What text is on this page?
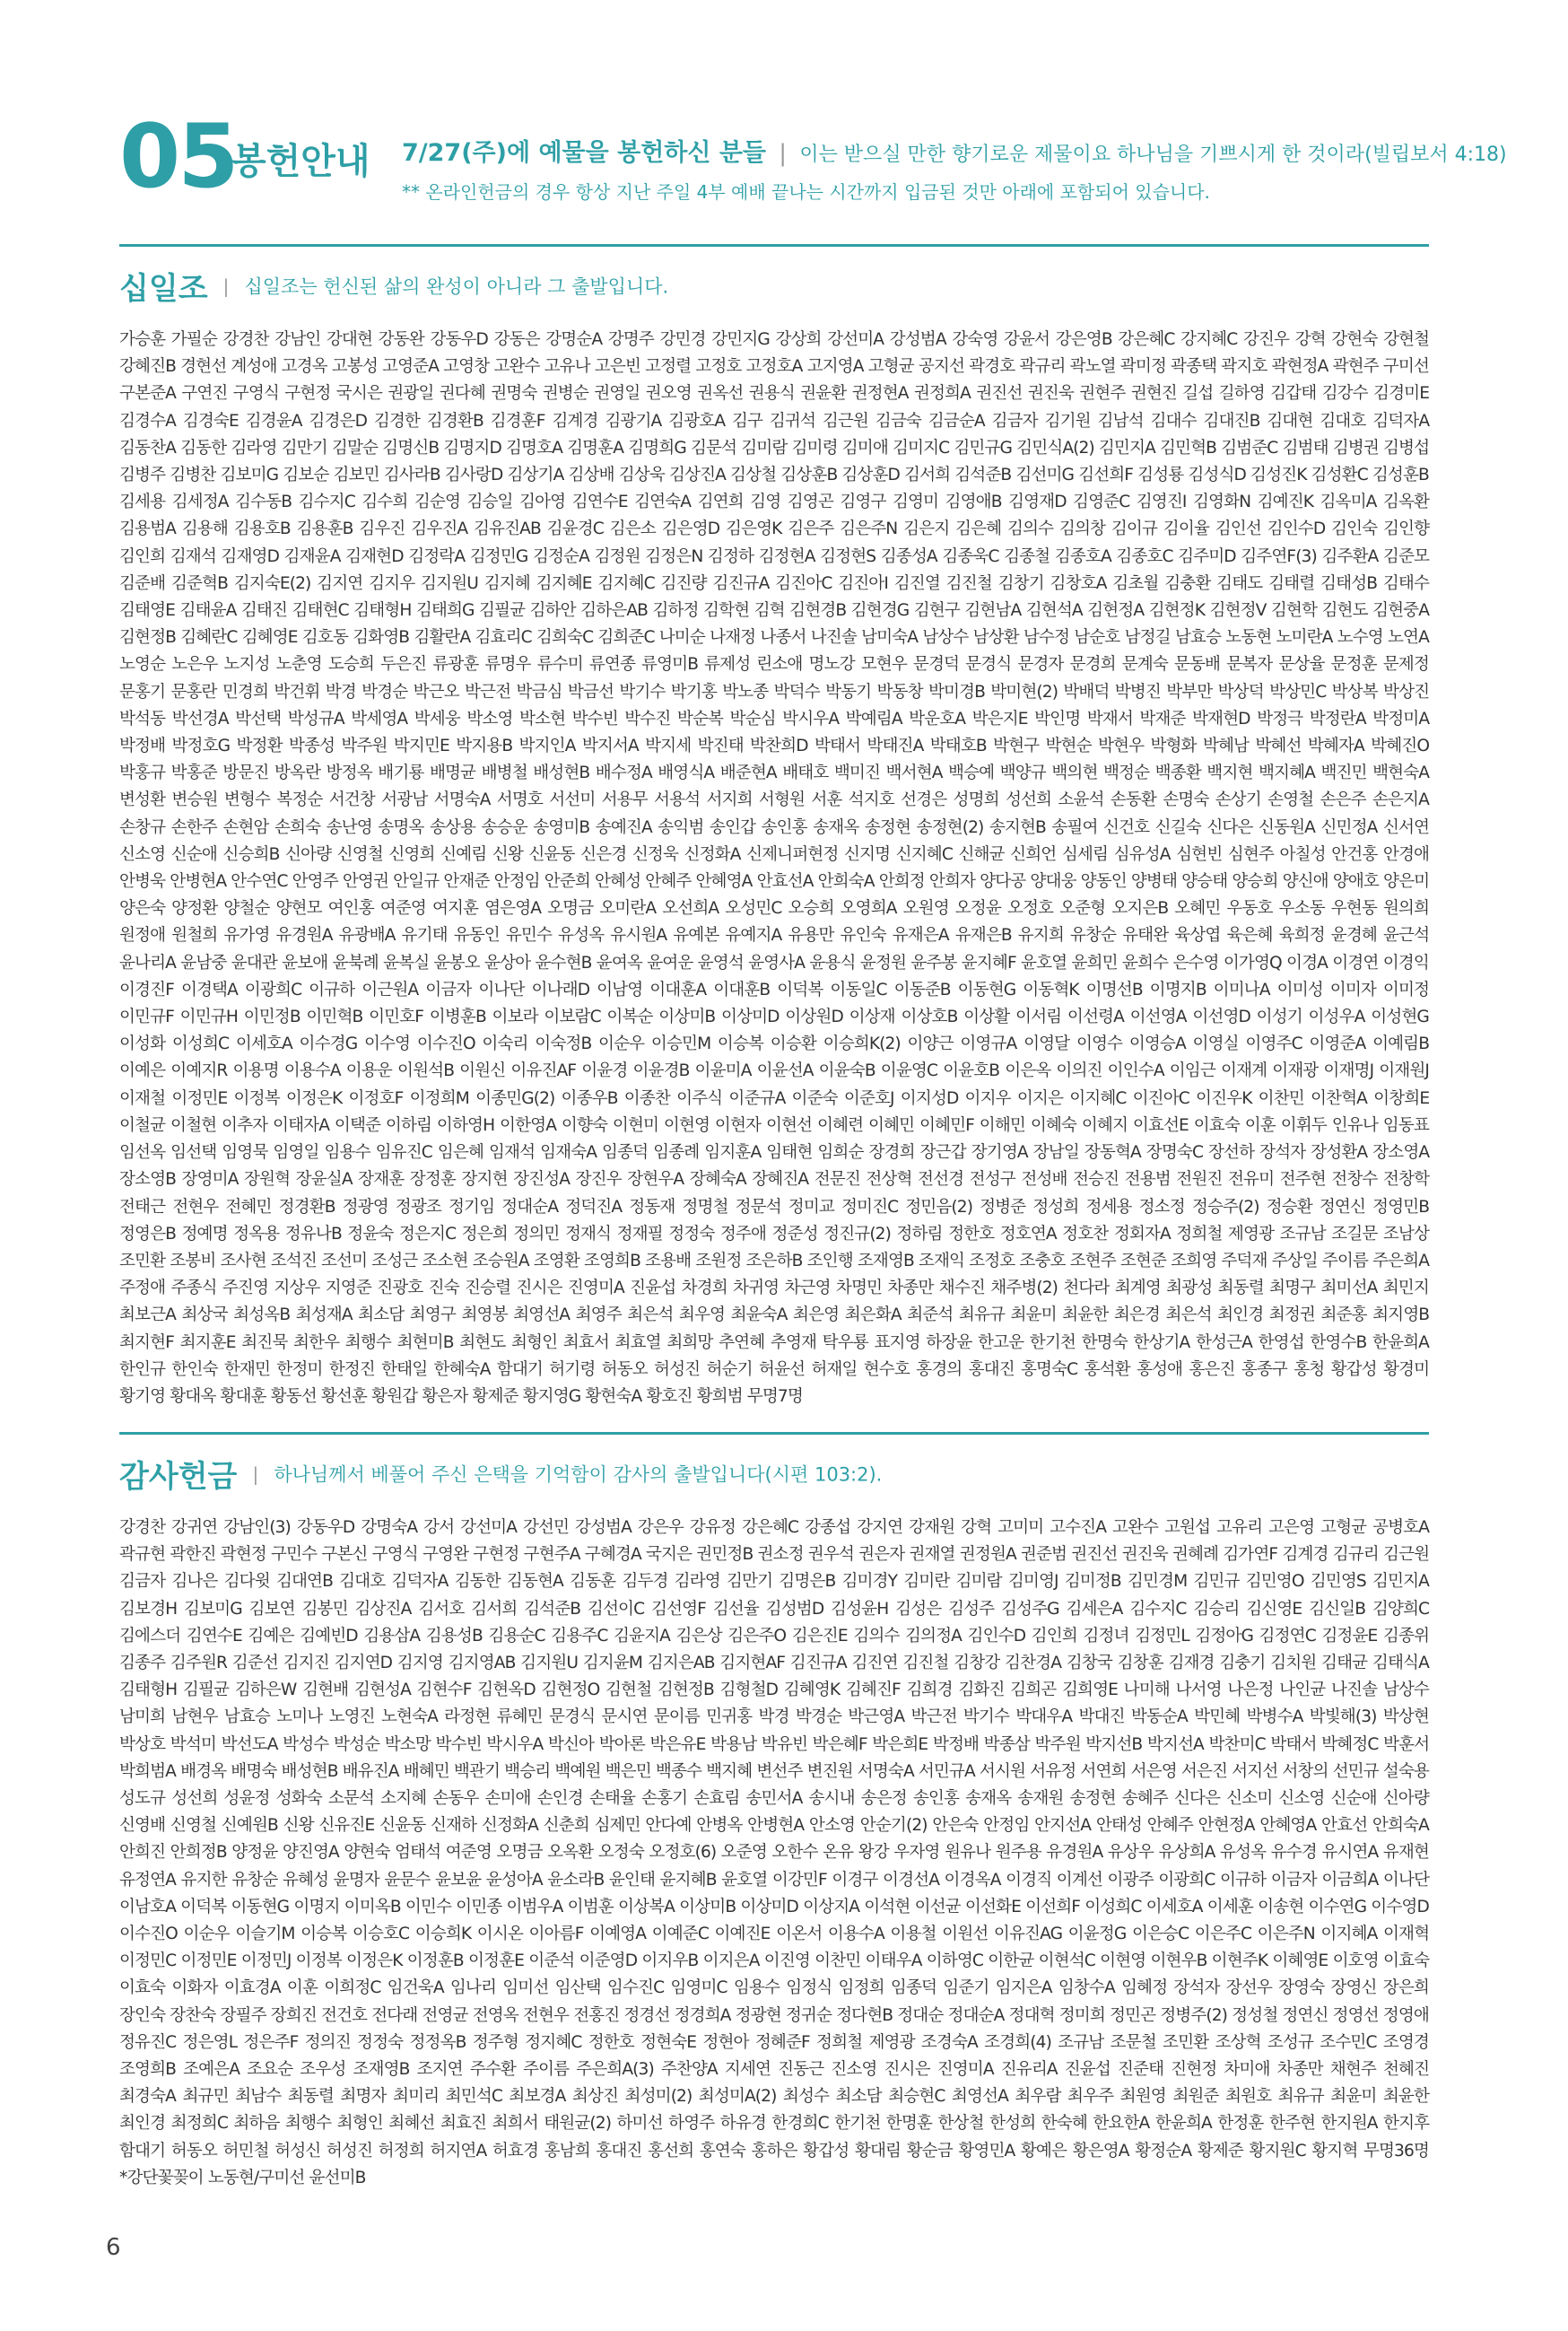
05
봉헌안내 7/27(주)에 예물을 봉헌하신 분들 | 이는 받으실 만한 향기로운 제물이요 하나님을 기쁘시게 한 것이라(빌립보서 4:18)
** 온라인헌금의 경우 항상 지난 주일 4부 예배 끝나는 시간까지 입금된 것만 아래에 포함되어 있습니다.
십일조 | 십일조는 헌신된 삶의 완성이 아니라 그 출발입니다.
가승훈 가필순 강경찬 강남인 강대현 강동완 강동우D 강동은 강명순A 강명주 강민경 강민지G 강상희 강선미A 강성범A 강숙영 강윤서 강은영B 강은혜C 강지혜C 강진우 강혁 강현숙 강현철 강혜진B 경현선 계성애 고경옥 고봉성 고영준A 고영창 고완수 고유나 고은빈 고정렬 고정호 고정호A 고지영A 고형균 공지선 곽경호 곽규리 곽노열 곽미정 곽종택 곽지호 곽현정A 곽현주 구미선 구본준A 구연진 구영식 구현정 국시은 권광일 권다혜 권명숙 권병순 권영일 권오영 권옥선 권용식 권윤환 권정현A 권정희A 권진선 권진욱 권현주 권현진 길섭 길하영 김갑태 김강수 김경미E 김경수A 김경숙E 김경윤A 김경은D 김경한 김경환B 김경훈F 김계경 김광기A 김광호A 김구 김귀석 김근원 김금숙 김금순A 김금자 김기원 김남석 김대수 김대진B 김대현 김대호 김덕자A 김동찬A 김동한 김라영 김만기 김말순 김명신B 김명지D 김명호A 김명훈A 김명희G 김문석 김미람 김미령 김미애 김미지C 김민규G 김민식A(2) 김민지A 김민혁B 김범준C 김범태 김병권 김병섭 김병주 김병찬 김보미G 김보순 김보민 김사라B 김사랑D 김상기A 김상배 김상욱 김상진A 김상철 김상훈B 김상훈D 김서희 김석준B 김선미G 김선희F 김성룡 김성식D 김성진K 김성환C 김성훈B 김세용 김세정A 김수동B 김수지C 김수희 김순영 김승일 김아영 김연수E 김연숙A 김연희 김영 김영곤 김영구 김영미 김영애B 김영재D 김영준C 김영진I 김영화N 김예진K 김옥미A 김옥환 김용범A 김용해 김용호B 김용훈B 김우진 김우진A 김유진AB 김윤경C 김은소 김은영D 김은영K 김은주 김은주N 김은지 김은혜 김의수 김의창 김이규 김이율 김인선 김인수D 김인숙 김인향 김인희 김재석 김재영D 김재윤A 김재현D 김정락A 김정민G 김정순A 김정원 김정은N 김정하 김정현A 김정현S 김종성A 김종욱C 김종철 김종호A 김종호C 김주미D 김주연F(3) 김주환A 김준모 김준배 김준혁B 김지숙E(2) 김지연 김지우 김지원U 김지혜 김지혜E 김지혜C 김진량 김진규A 김진아C 김진아I 김진열 김진철 김창기 김창호A 김초월 김충환 김태도 김태렬 김태성B 김태수 김태영E 김태윤A 김태진 김태현C 김태형H 김태희G 김필균 김하안 김하은AB 김하정 김학현 김혁 김현경B 김현경G 김현구 김현남A 김현석A 김현정A 김현정K 김현정V 김현학 김현도 김현중A 김현정B 김혜란C 김혜영E 김호동 김화영B 김활란A 김효리C 김희숙C 김희준C 나미순 나재정 나종서 나진솔 남미숙A 남상수 남상환 남수정 남순호 남정길 남효승 노동현 노미란A 노수영 노연A 노영순 노은우 노지성 노춘영 도승희 두은진 류광훈 류명우 류수미 류연종 류영미B 류제성 린소애 명노강 모현우 문경덕 문경식 문경자 문경희 문계숙 문동배 문복자 문상율 문정훈 문제정 문홍기 문홍란 민경희 박건휘 박경 박경순 박근오 박근전 박금심 박금선 박기수 박기홍 박노종 박덕수 박동기 박동창 박미경B 박미현(2) 박배덕 박병진 박부만 박상덕 박상민C 박상복 박상진 박석동 박선경A 박선택 박성규A 박세영A 박세웅 박소영 박소현 박수빈 박수진 박순복 박순심 박시우A 박예림A 박운호A 박은지E 박인명 박재서 박재준 박재현D 박정극 박정란A 박정미A 박정배 박정호G 박정환 박종성 박주원 박지민E 박지용B 박지인A 박지서A 박지세 박진태 박찬희D 박태서 박태진A 박태호B 박현구 박현순 박현우 박형화 박혜남 박혜선 박혜자A 박혜진O 박홍규 박홍준 방문진 방옥란 방정옥 배기룡 배명균 배병철 배성현B 배수정A 배영식A 배준현A 배태호 백미진 백서현A 백승예 백양규 백의현 백정순 백종환 백지현 백지혜A 백진민 백현숙A 변성환 변승원 변형수 복정순 서건창 서광남 서명숙A 서명호 서선미 서용무 서용석 서지희 서형원 서훈 석지호 선경은 성명희 성선희 소윤석 손동환 손명숙 손상기 손영철 손은주 손은지A 손창규 손한주 손현암 손희숙 송난영 송명옥 송상용 송승운 송영미B 송예진A 송익범 송인갑 송인홍 송재옥 송정현 송정현(2) 송지현B 송필여 신건호 신길숙 신다은 신동원A 신민정A 신서연 신소영 신순애 신승희B 신아량 신영철 신영희 신예림 신왕 신윤동 신은경 신정욱 신정화A 신제니퍼현정 신지명 신지혜C 신해균 신희언 심세림 심유성A 심현빈 심현주 아칠성 안건홍 안경애 안병욱 안병현A 안수연C 안영주 안영권 안일규 안재준 안정임 안준희 안혜성 안혜주 안혜영A 안효선A 안희숙A 안희정 안희자 양다공 양대웅 양동인 양병태 양승태 양승희 양신애 양애호 양은미 양은숙 양정환 양철순 양현모 여인홍 여준영 여지훈 염은영A 오명금 오미란A 오선희A 오성민C 오승희 오영희A 오원영 오정윤 오정호 오준형 오지은B 오혜민 우동호 우소동 우현동 원의희 원정애 원철희 유가영 유경원A 유광배A 유기태 유동인 유민수 유성옥 유시원A 유예본 유예지A 유용만 유인숙 유재은A 유재은B 유지희 유창순 유태완 육상엽 육은혜 육희정 윤경혜 윤근석 윤나리A 윤남중 윤대관 윤보애 윤북례 윤복실 윤봉오 윤상아 윤수현B 윤여옥 윤여운 윤영석 윤영사A 윤용식 윤정원 윤주봉 윤지혜F 윤호열 윤희민 윤희수 은수영 이가영Q 이경A 이경연 이경익 이경진F 이경택A 이광희C 이규하 이근원A 이금자 이나단 이나래D 이남영 이대훈A 이대훈B 이덕복 이동일C 이동준B 이동현G 이동혁K 이명선B 이명지B 이미나A 이미성 이미자 이미정 이민규F 이민규H 이민정B 이민혁B 이민호F 이병훈B 이보라 이보람C 이복순 이상미B 이상미D 이상원D 이상재 이상호B 이상활 이서림 이선령A 이선영A 이선영D 이성기 이성우A 이성현G 이성화 이성희C 이세호A 이수경G 이수영 이수진O 이숙리 이숙정B 이순우 이승민M 이승복 이승환 이승희K(2) 이양근 이영규A 이영달 이영수 이영승A 이영실 이영주C 이영준A 이예림B 이예은 이예지R 이용명 이용수A 이용운 이원석B 이원신 이유진AF 이윤경 이윤경B 이윤미A 이윤선A 이윤숙B 이윤영C 이윤호B 이은옥 이의진 이인수A 이임근 이재계 이재광 이재명J 이재원J 이재철 이정민E 이정복 이정은K 이정호F 이정희M 이종민G(2) 이종우B 이종찬 이주식 이준규A 이준숙 이준호J 이지성D 이지우 이지은 이지혜C 이진아C 이진우K 이찬민 이찬혁A 이창희E 이철균 이철현 이추자 이태자A 이택준 이하림 이하영H 이한영A 이향숙 이현미 이현영 이현자 이현선 이혜련 이혜민 이혜민F 이해민 이혜숙 이혜지 이효선E 이효숙 이훈 이휘두 인유나 임동표 임선옥 임선택 임영묵 임영일 임용수 임유진C 임은혜 임재석 임재숙A 임종덕 임종례 임지훈A 임태현 임희순 장경희 장근갑 장기영A 장남일 장동혁A 장명숙C 장선하 장석자 장성환A 장소영A 장소영B 장영미A 장원혁 장윤실A 장재훈 장정훈 장지현 장진성A 장진우 장현우A 장혜숙A 장혜진A 전문진 전상혁 전선경 전성구 전성배 전승진 전용범 전원진 전유미 전주현 전창수 전창학 전태근 전현우 전혜민 정경환B 정광영 정광조 정기임 정대순A 정덕진A 정동재 정명철 정문석 정미교 정미진C 정민음(2) 정병준 정성희 정세용 정소정 정승주(2) 정승환 정연신 정영민B 정영은B 정예명 정옥용 정유나B 정윤숙 정은지C 정은희 정의민 정재식 정재필 정정숙 정주애 정준성 정진규(2) 정하림 정한호 정호연A 정호찬 정회자A 정희철 제영광 조규남 조길문 조남상 조민환 조봉비 조사현 조석진 조선미 조성근 조소현 조승원A 조영환 조영희B 조용배 조원정 조은하B 조인행 조재영B 조재익 조정호 조충호 조현주 조현준 조희영 주덕재 주상일 주이름 주은희A 주정애 주종식 주진영 지상우 지영준 진광호 진숙 진승렬 진시은 진영미A 진윤섭 차경희 차귀영 차근영 차명민 차종만 채수진 채주병(2) 천다라 최계영 최광성 최동렬 최명구 최미선A 최민지 최보근A 최상국 최성옥B 최성재A 최소담 최영구 최영봉 최영선A 최영주 최은석 최우영 최윤숙A 최은영 최은화A 최준석 최유규 최윤미 최윤한 최은경 최은석 최인경 최정권 최준홍 최지영B 최지현F 최지훈E 최진묵 최한우 최행수 최현미B 최현도 최형인 최효서 최효열 최희망 추연혜 추영재 탁우룡 표지영 하장윤 한고운 한기천 한명숙 한상기A 한성근A 한영섭 한영수B 한윤희A 한인규 한인숙 한재민 한정미 한정진 한태일 한혜숙A 함대기 허기령 허동오 허성진 허순기 허윤선 허재일 현수호 홍경의 홍대진 홍명숙C 홍석환 홍성애 홍은진 홍종구 홍청 황갑성 황경미 황기영 황대옥 황대훈 황동선 황선훈 황원갑 황은자 황제준 황지영G 황현숙A 황호진 황희범 무명7명
감사헌금 | 하나님께서 베풀어 주신 은택을 기억함이 감사의 출발입니다(시편 103:2).
강경찬 강귀연 강남인(3) 강동우D 강명숙A 강서 강선미A 강선민 강성범A 강은우 강유정 강은혜C 강종섭 강지연 강재원 강혁 고미미 고수진A 고완수 고원섭 고유리 고은영 고형균 공병호A 곽규현 곽한진 곽현정 구민수 구본신 구영식 구영완 구현정 구현주A 구혜경A 국지은 권민정B 권소정 권우석 권은자 권재열 권정원A 권준범 권진선 권진욱 권혜례 김가연F 김계경 김규리 김근원 김금자 김나은 김다윗 김대연B 김대호 김덕자A 김동한 김동현A 김동훈 김두경 김라영 김만기 김명은B 김미경Y 김미란 김미람 김미영J 김미정B 김민경M 김민규 김민영O 김민영S 김민지A 김보경H 김보미G 김보연 김봉민 김상진A 김서호 김서희 김석준B 김선이C 김선영F 김선율 김성범D 김성윤H 김성은 김성주 김성주G 김세은A 김수지C 김승리 김신영E 김신일B 김양희C 김에스더 김연수E 김예은 김예빈D 김용삼A 김용성B 김용순C 김용주C 김윤지A 김은상 김은주O 김은진E 김의수 김의정A 김인수D 김인희 김정녀 김정민L 김정아G 김정연C 김정윤E 김종위 김종주 김주원R 김준선 김지진 김지연D 김지영 김지영AB 김지원U 김지윤M 김지은AB 김지현AF 김진규A 김진연 김진철 김창강 김찬경A 김창국 김창훈 김재경 김충기 김치원 김태균 김태식A 김태형H 김필균 김하은W 김현배 김현성A 김현수F 김현옥D 김현정O 김현철 김현정B 김형철D 김혜영K 김혜진F 김희경 김화진 김희곤 김희영E 나미해 나서영 나은정 나인균 나진솔 남상수 남미희 남현우 남효승 노미나 노영진 노현숙A 라정현 류혜민 문경식 문시연 문이름 민귀홍 박경 박경순 박근영A 박근전 박기수 박대우A 박대진 박동순A 박민혜 박병수A 박빛해(3) 박상현 박상호 박석미 박선도A 박성수 박성순 박소망 박수빈 박시우A 박신아 박아론 박은유E 박용남 박유빈 박은혜F 박은희E 박정배 박종삼 박주원 박지선B 박지선A 박찬미C 박태서 박혜정C 박훈서 박희범A 배경옥 배명숙 배성현B 배유진A 배혜민 백관기 백승리 백예원 백은민 백종수 백지혜 변선주 변진원 서명숙A 서민규A 서시원 서유정 서연희 서은영 서은진 서지선 서창의 선민규 설숙용 성도규 성선희 성윤정 성화숙 소문석 소지혜 손동우 손미애 손인경 손태율 손홍기 손효림 송민서A 송시내 송은정 송인홍 송재옥 송재원 송정현 송혜주 신다은 신소미 신소영 신순애 신아량 신영배 신영철 신예원B 신왕 신유진E 신윤동 신재하 신정화A 신춘희 심제민 안다예 안병옥 안병현A 안소영 안순기(2) 안은숙 안정임 안지선A 안태성 안혜주 안현정A 안혜영A 안효선 안희숙A 안희진 안희정B 양정윤 양진영A 양현숙 엄태석 여준영 오명금 오옥환 오정숙 오정호(6) 오준영 오한수 온유 왕강 우자영 원유나 원주용 유경원A 유상우 유상희A 유성옥 유수경 유시연A 유재현 유정연A 유지한 유창순 유혜성 윤명자 윤문수 윤보윤 윤성아A 윤소라B 윤인태 윤지혜B 윤호열 이강민F 이경구 이경선A 이경옥A 이경직 이계선 이광주 이광희C 이규하 이금자 이금희A 이나단 이남호A 이덕복 이동현G 이명지 이미옥B 이민수 이민종 이범우A 이범훈 이상복A 이상미B 이상미D 이상지A 이석현 이선균 이선화E 이선희F 이성희C 이세호A 이세훈 이송현 이수연G 이수영D 이수진O 이순우 이슬기M 이승복 이승호C 이승희K 이시온 이아름F 이예영A 이예준C 이예진E 이온서 이용수A 이용철 이원선 이유진AG 이윤정G 이은승C 이은주C 이은주N 이지혜A 이재혁 이정민C 이정민E 이정민J 이정복 이정은K 이정훈B 이정훈E 이준석 이준영D 이지우B 이지은A 이진영 이찬민 이태우A 이하영C 이한균 이현석C 이현영 이현우B 이현주K 이혜영E 이호영 이효숙 이효숙 이화자 이효경A 이훈 이희정C 임건욱A 임나리 임미선 임산택 임수진C 임영미C 임용수 임정식 임정희 임종덕 임준기 임지은A 임창수A 임혜정 장석자 장선우 장영숙 장영신 장은희 장인숙 장찬숙 장필주 장희진 전건호 전다래 전영균 전영옥 전현우 전홍진 정경선 정경희A 정광현 정귀순 정다현B 정대순 정대순A 정대혁 정미희 정민곤 정병주(2) 정성철 정연신 정영선 정영애 정유진C 정은영L 정은주F 정의진 정정숙 정정옥B 정주형 정지혜C 정한호 정현숙E 정현아 정혜준F 정희철 제영광 조경숙A 조경희(4) 조규남 조문철 조민환 조상혁 조성규 조수민C 조영경 조영희B 조예은A 조요순 조우성 조재영B 조지연 주수환 주이름 주은희A(3) 주찬양A 지세연 진동근 진소영 진시은 진영미A 진유리A 진윤섭 진준태 진현정 차미애 차종만 채현주 천혜진 최경숙A 최규민 최남수 최동렬 최명자 최미리 최민석C 최보경A 최상진 최성미(2) 최성미A(2) 최성수 최소담 최승현C 최영선A 최우람 최우주 최원영 최원준 최원호 최유규 최윤미 최윤한 최인경 최정희C 최하음 최행수 최형인 최혜선 최효진 최희서 태원균(2) 하미선 하영주 하유경 한경희C 한기천 한명훈 한상철 한성희 한숙혜 한요한A 한윤희A 한정훈 한주현 한지원A 한지후 함대기 허동오 허민철 허성신 허성진 허정희 허지연A 허효경 홍남희 홍대진 홍선희 홍연숙 홍하은 황갑성 황대림 황순금 황영민A 황예은 황은영A 황정순A 황제준 황지원C 황지혁 무명36명 *강단꽃꽂이 노동현/구미선 윤선미B
6
